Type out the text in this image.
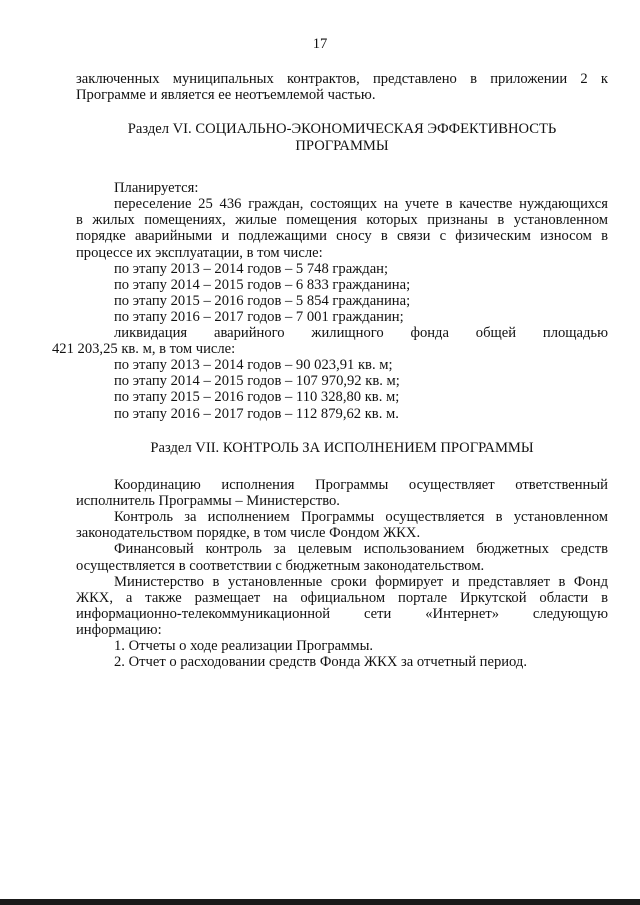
17
заключенных муниципальных контрактов, представлено в приложении 2 к
Программе и является ее неотъемлемой частью.

Раздел VI. СОЦИАЛЬНО-ЭКОНОМИЧЕСКАЯ ЭФФЕКТИВНОСТЬ

ПРОГРАММЫ

Планируется:
переселение 25 436 граждан, состоящих на учете в качестве нуждающихся
в жилых помещениях, жилые помещения которых признаны в установленном
порядке аварийными и подлежащими сносу в связи с физическим износом в
процессе их эксплуатации, в том числе:
по этапу 2013 – 2014 годов – 5 748 граждан;
по этапу 2014 – 2015 годов – 6 833 гражданина;
по этапу 2015 – 2016 годов – 5 854 гражданина;
по этапу 2016 – 2017 годов – 7 001 гражданин;
ликвидация аварийного жилищного фонда общей площадью
421 203,25 кв. м, в том числе:
по этапу 2013 – 2014 годов – 90 023,91 кв. м;
по этапу 2014 – 2015 годов – 107 970,92 кв. м;
по этапу 2015 – 2016 годов – 110 328,80 кв. м;
по этапу 2016 – 2017 годов – 112 879,62 кв. м.

Раздел VII. КОНТРОЛЬ ЗА ИСПОЛНЕНИЕМ ПРОГРАММЫ

Координацию исполнения Программы осуществляет ответственный
исполнитель Программы – Министерство.
Контроль за исполнением Программы осуществляется в установленном
законодательством порядке, в том числе Фондом ЖКХ.
Финансовый контроль за целевым использованием бюджетных средств
осуществляется в соответствии с бюджетным законодательством.
Министерство в установленные сроки формирует и представляет в Фонд
ЖКХ, а также размещает на официальном портале Иркутской области в
информационно-телекоммуникационной сети «Интернет» следующую
информацию:
1. Отчеты о ходе реализации Программы.
2. Отчет о расходовании средств Фонда ЖКХ за отчетный период.
